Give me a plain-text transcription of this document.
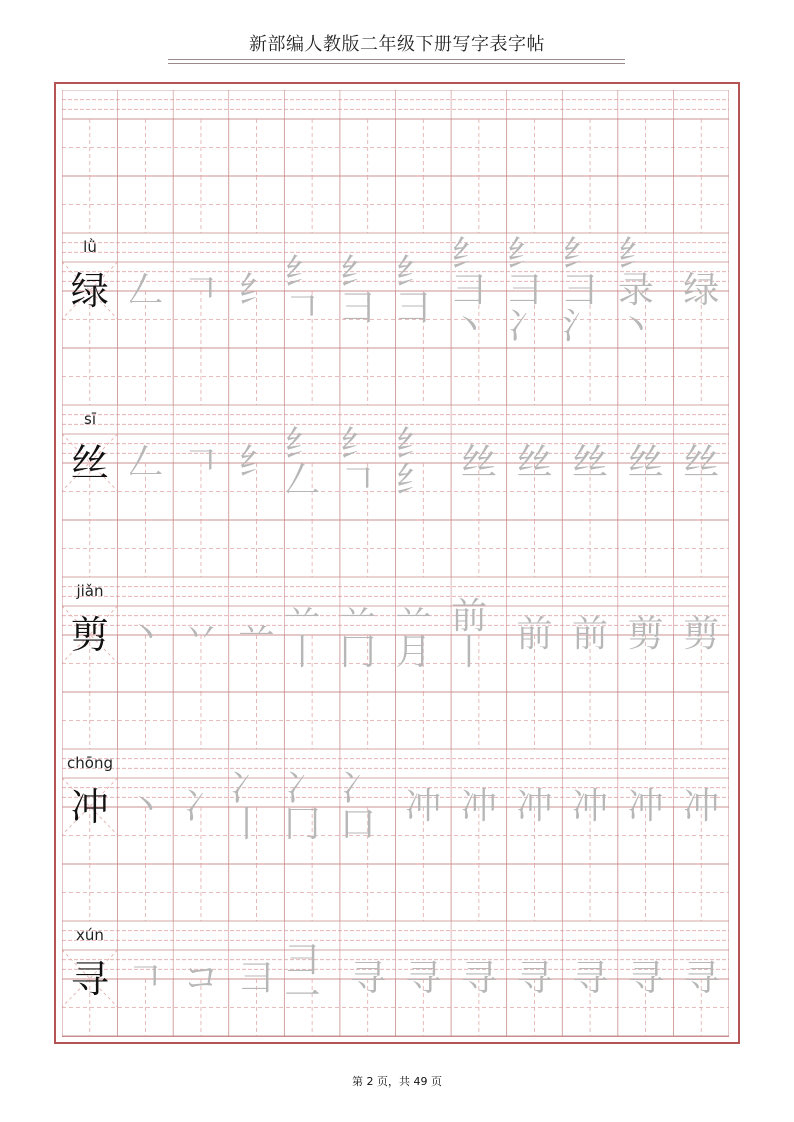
新部编人教版二年级下册写字表字帖
lǜ
绿 𠃋 𠃍 纟 纟𠃍
纟彐
纟⺕
纟⺕丶
纟⺕冫
纟⺕氵
纟录丶
绿
sī
丝 𠃋 𠃍 纟 纟𠃋
纟𠃍
纟纟 丝 丝 丝 丝 丝
jiǎn
剪 丶 丷 䒑 䒑丨
䒑冂
䒑月
前丨 前 前 剪 剪
chōng
冲 丶 冫 冫丨
冫冂
冫口 冲 冲 冲 冲 冲 冲
xún
寻 𠃍 コ 彐 彐一 寻 寻 寻 寻 寻 寻 寻
第 2 页，共 49 页
